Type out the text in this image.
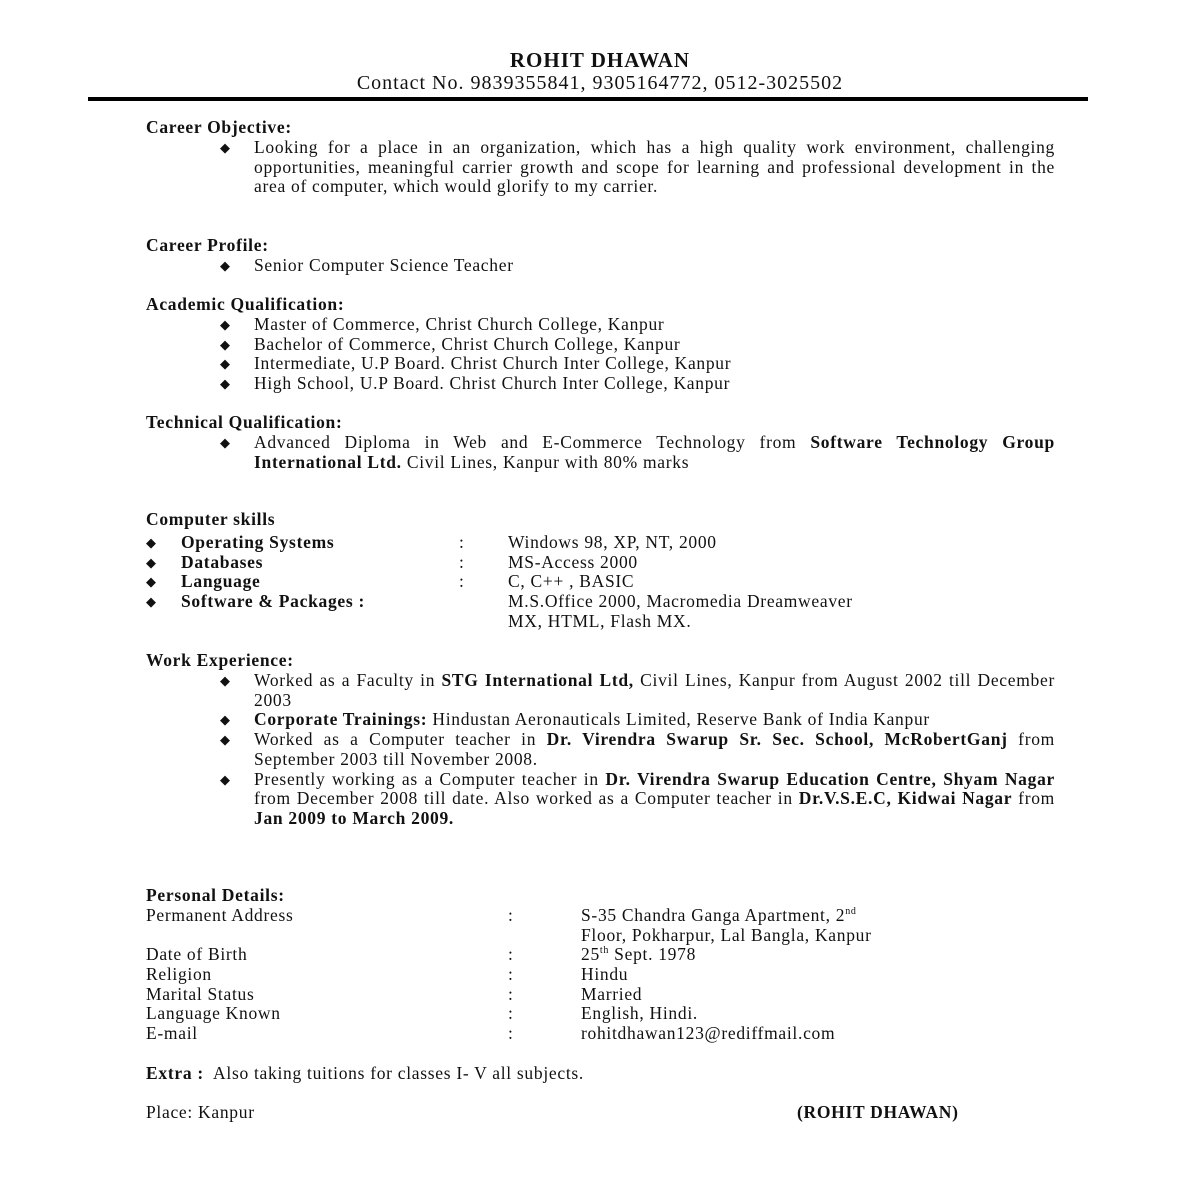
ROHIT DHAWAN
Contact No. 9839355841, 9305164772, 0512-3025502
Career Objective:
◆ Looking for a place in an organization, which has a high quality work environment, challenging opportunities, meaningful carrier growth and scope for learning and professional development in the area of computer, which would glorify to my carrier.
Career Profile:
◆ Senior Computer Science Teacher
Academic Qualification:
◆ Master of Commerce, Christ Church College, Kanpur
◆ Bachelor of Commerce, Christ Church College, Kanpur
◆ Intermediate, U.P Board. Christ Church Inter College, Kanpur
◆ High School, U.P Board. Christ Church Inter College, Kanpur
Technical Qualification:
◆ Advanced Diploma in Web and E-Commerce Technology from Software Technology Group International Ltd. Civil Lines, Kanpur with 80% marks
Computer skills
◆ Operating Systems	: Windows 98, XP, NT, 2000
◆ Databases	: MS-Access 2000
◆ Language	: C, C++ , BASIC
◆ Software & Packages :	M.S.Office 2000, Macromedia Dreamweaver
MX, HTML, Flash MX.
Work Experience:
◆ Worked as a Faculty in STG International Ltd, Civil Lines, Kanpur from August 2002 till December 2003
◆ Corporate Trainings: Hindustan Aeronauticals Limited, Reserve Bank of India Kanpur
◆ Worked as a Computer teacher in Dr. Virendra Swarup Sr. Sec. School, McRobertGanj from September 2003 till November 2008.
◆ Presently working as a Computer teacher in Dr. Virendra Swarup Education Centre, Shyam Nagar from December 2008 till date. Also worked as a Computer teacher in Dr.V.S.E.C, Kidwai Nagar from Jan 2009 to March 2009.
Personal Details:
Permanent Address	:	S-35 Chandra Ganga Apartment, 2nd
Floor, Pokharpur, Lal Bangla, Kanpur
Date of Birth	:	25th Sept. 1978
Religion	:	Hindu
Marital Status	:	Married
Language Known	:	English, Hindi.
E-mail	:	rohitdhawan123@rediffmail.com
Extra :  Also taking tuitions for classes I- V all subjects.
Place: Kanpur	(ROHIT DHAWAN)
